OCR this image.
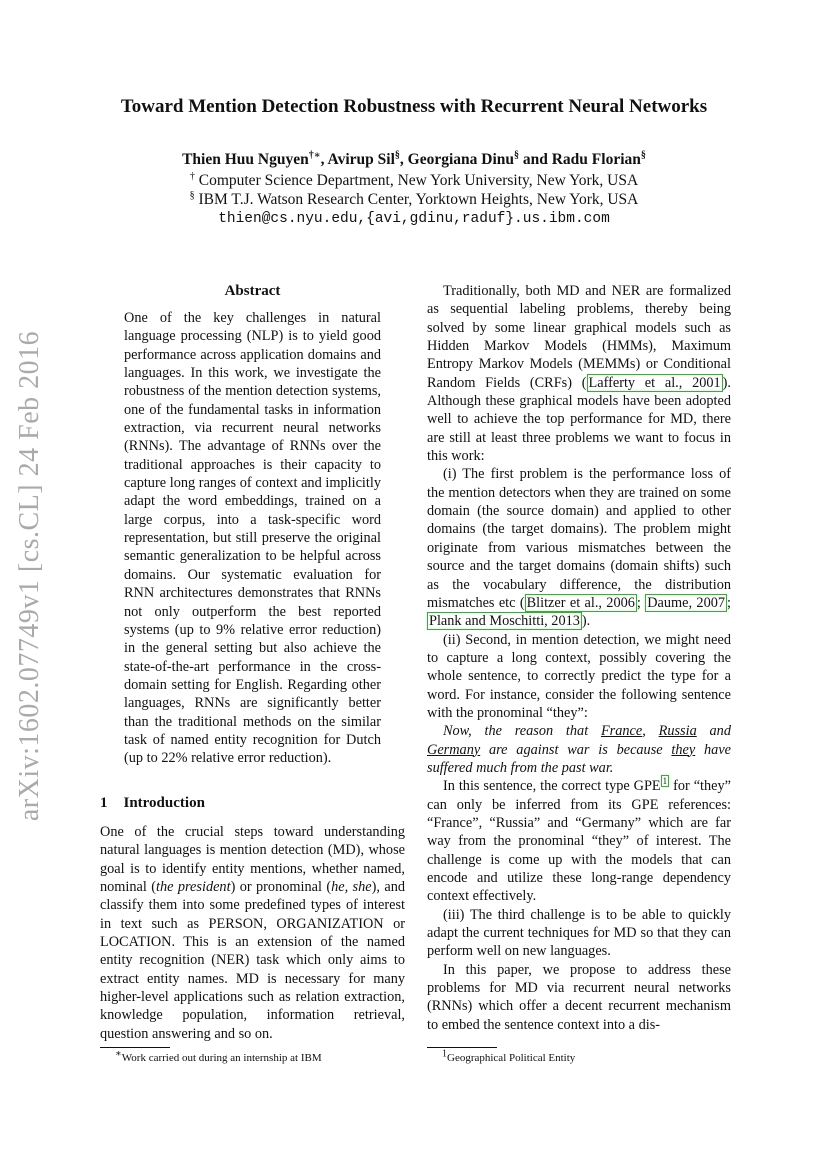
arXiv:1602.07749v1 [cs.CL] 24 Feb 2016
Toward Mention Detection Robustness with Recurrent Neural Networks
Thien Huu Nguyen†∗, Avirup Sil§, Georgiana Dinu§ and Radu Florian§
† Computer Science Department, New York University, New York, USA
§ IBM T.J. Watson Research Center, Yorktown Heights, New York, USA
thien@cs.nyu.edu,{avi,gdinu,raduf}.us.ibm.com
Abstract
One of the key challenges in natural language processing (NLP) is to yield good performance across application domains and languages. In this work, we investigate the robustness of the mention detection systems, one of the fundamental tasks in information extraction, via recurrent neural networks (RNNs). The advantage of RNNs over the traditional approaches is their capacity to capture long ranges of context and implicitly adapt the word embeddings, trained on a large corpus, into a task-specific word representation, but still preserve the original semantic generalization to be helpful across domains. Our systematic evaluation for RNN architectures demonstrates that RNNs not only outperform the best reported systems (up to 9% relative error reduction) in the general setting but also achieve the state-of-the-art performance in the cross-domain setting for English. Regarding other languages, RNNs are significantly better than the traditional methods on the similar task of named entity recognition for Dutch (up to 22% relative error reduction).
1 Introduction
One of the crucial steps toward understanding natural languages is mention detection (MD), whose goal is to identify entity mentions, whether named, nominal (the president) or pronominal (he, she), and classify them into some predefined types of interest in text such as PERSON, ORGANIZATION or LOCATION. This is an extension of the named entity recognition (NER) task which only aims to extract entity names. MD is necessary for many higher-level applications such as relation extraction, knowledge population, information retrieval, question answering and so on.

Traditionally, both MD and NER are formalized as sequential labeling problems, thereby being solved by some linear graphical models such as Hidden Markov Models (HMMs), Maximum Entropy Markov Models (MEMMs) or Conditional Random Fields (CRFs) ( Lafferty et al., 2001 ). Although these graphical models have been adopted well to achieve the top performance for MD, there are still at least three problems we want to focus in this work:

(i) The first problem is the performance loss of the mention detectors when they are trained on some domain (the source domain) and applied to other domains (the target domains). The problem might originate from various mismatches between the source and the target domains (domain shifts) such as the vocabulary difference, the distribution mismatches etc ( Blitzer et al., 2006 ; Daume, 2007 ; Plank and Moschitti, 2013 ).

(ii) Second, in mention detection, we might need to capture a long context, possibly covering the whole sentence, to correctly predict the type for a word. For instance, consider the following sentence with the pronominal “they”:

Now, the reason that France, Russia and Germany are against war is because they have suffered much from the past war.

In this sentence, the correct type GPE $^1$ for “they” can only be inferred from its GPE references: “France”, “Russia” and “Germany” which are far way from the pronominal “they” of interest. The challenge is come up with the models that can encode and utilize these long-range dependency context effectively.

(iii) The third challenge is to be able to quickly adapt the current techniques for MD so that they can perform well on new languages.

In this paper, we propose to address these problems for MD via recurrent neural networks (RNNs) which offer a decent recurrent mechanism to embed the sentence context into a dis-

∗Work carried out during an internship at IBM	$^1$Geographical Political Entity
